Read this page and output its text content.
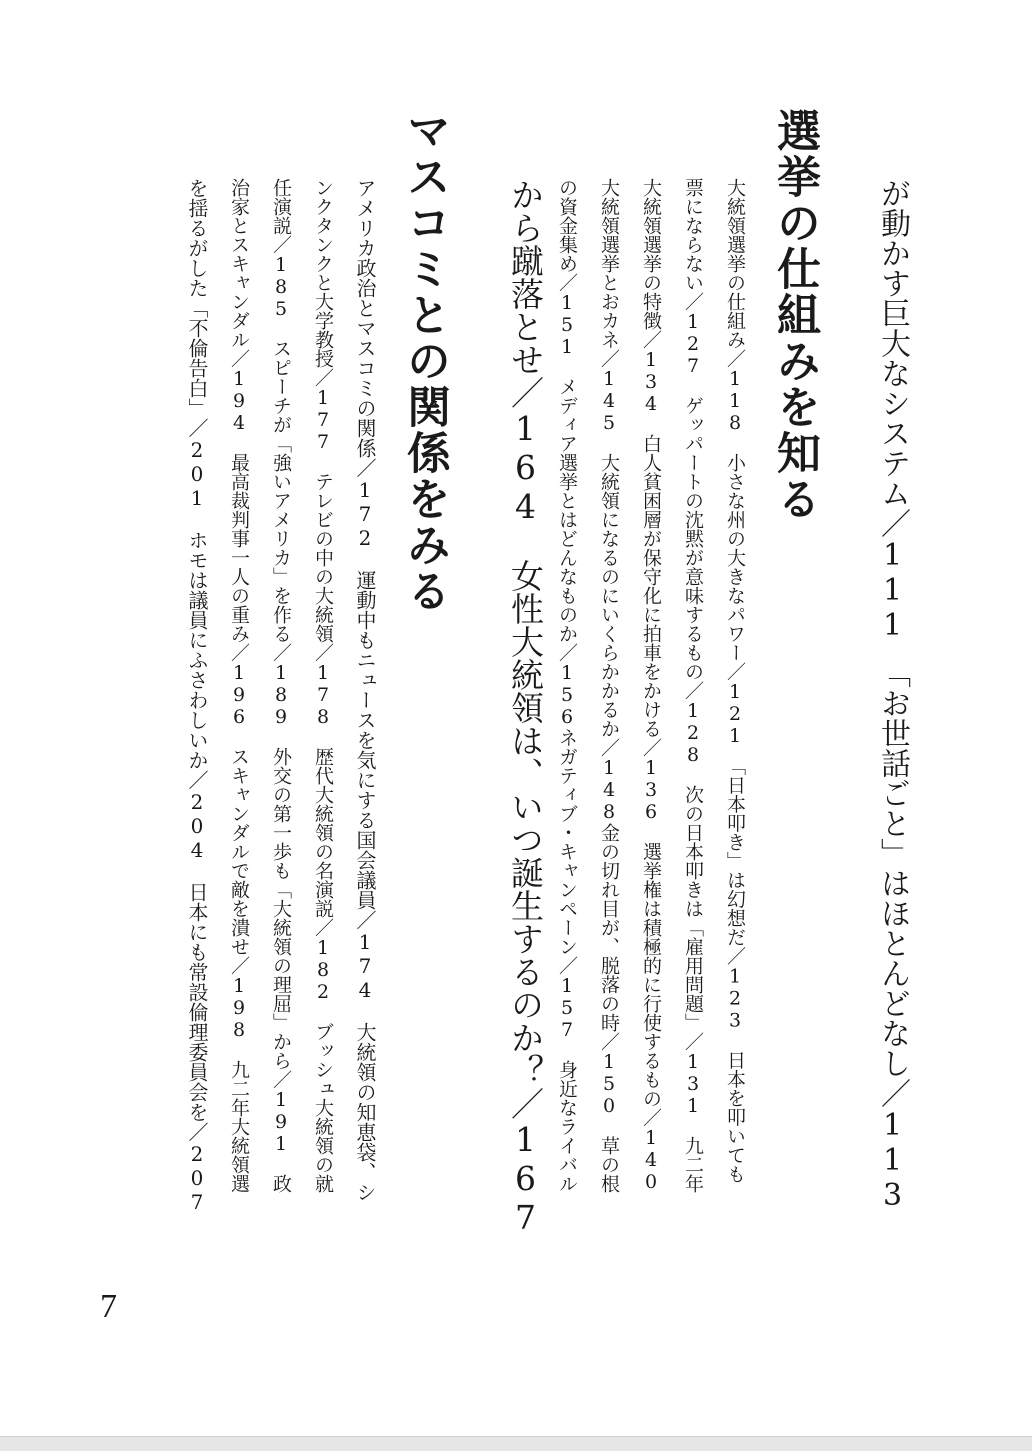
が動かす巨大なシステム／111　「お世話ごと」はほとんどなし／113
選挙の仕組みを知る
大統領選挙の仕組み／118　小さな州の大きなパワー／121　「日本叩き」は幻想だ／123　日本を叩いても
票にならない／127　ゲッパートの沈黙が意味するもの／128　次の日本叩きは「雇用問題」／131　九二年
大統領選挙の特徴／134　白人貧困層が保守化に拍車をかける／136　選挙権は積極的に行使するもの／140
大統領選挙とおカネ／145　大統領になるのにいくらかかるか／148金の切れ目が、脱落の時／150　草の根
の資金集め／151　メディア選挙とはどんなものか／156ネガティブ・キャンペーン／157　身近なライバル
から蹴落とせ／164　女性大統領は、いつ誕生するのか？／167
マスコミとの関係をみる
アメリカ政治とマスコミの関係／172　運動中もニュースを気にする国会議員／174　大統領の知恵袋、シ
ンクタンクと大学教授／177　テレビの中の大統領／178　歴代大統領の名演説／182　ブッシュ大統領の就
任演説／185　スピーチが「強いアメリカ」を作る／189　外交の第一歩も「大統領の理屈」から／191　政
治家とスキャンダル／194　最高裁判事一人の重み／196　スキャンダルで敵を潰せ／198　九二年大統領選
を揺るがした「不倫告白」／201　ホモは議員にふさわしいか／204　日本にも常設倫理委員会を／207
7
